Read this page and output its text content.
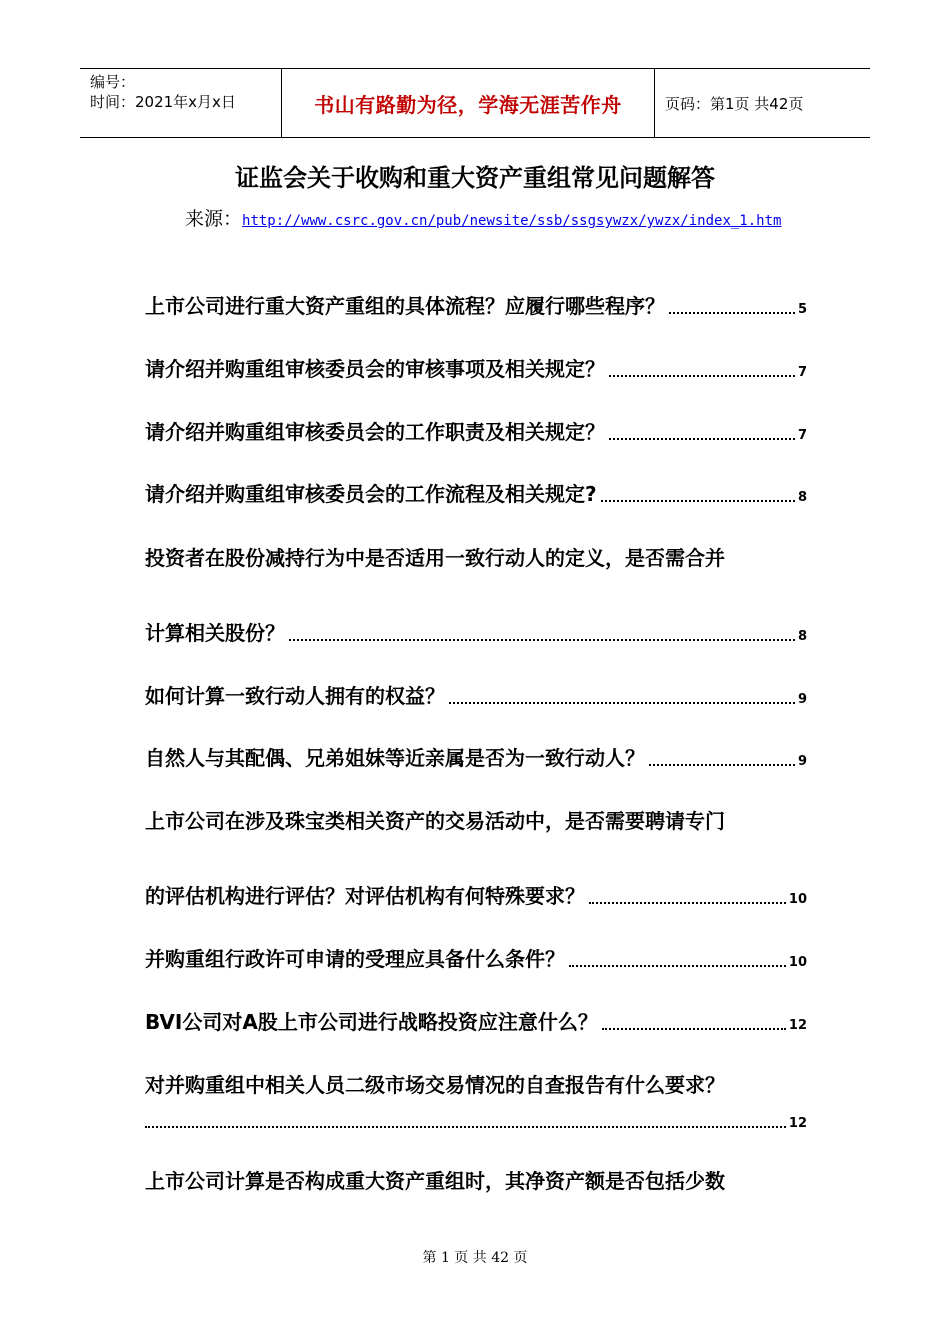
编号：
时间：2021年x月x日	书山有路勤为径，学海无涯苦作舟	页码：第1页 共42页
证监会关于收购和重大资产重组常见问题解答
来源：http://www.csrc.gov.cn/pub/newsite/ssb/ssgsywzx/ywzx/index_1.htm
上市公司进行重大资产重组的具体流程？应履行哪些程序？	5
请介绍并购重组审核委员会的审核事项及相关规定？	7
请介绍并购重组审核委员会的工作职责及相关规定？	7
请介绍并购重组审核委员会的工作流程及相关规定?	8
投资者在股份减持行为中是否适用一致行动人的定义，是否需合并
计算相关股份？	8
如何计算一致行动人拥有的权益？	9
自然人与其配偶、兄弟姐妹等近亲属是否为一致行动人？	9
上市公司在涉及珠宝类相关资产的交易活动中，是否需要聘请专门
的评估机构进行评估？对评估机构有何特殊要求？	10
并购重组行政许可申请的受理应具备什么条件？	10
BVI公司对A股上市公司进行战略投资应注意什么？	12
对并购重组中相关人员二级市场交易情况的自查报告有什么要求？
12
上市公司计算是否构成重大资产重组时，其净资产额是否包括少数
第 1 页 共 42 页
